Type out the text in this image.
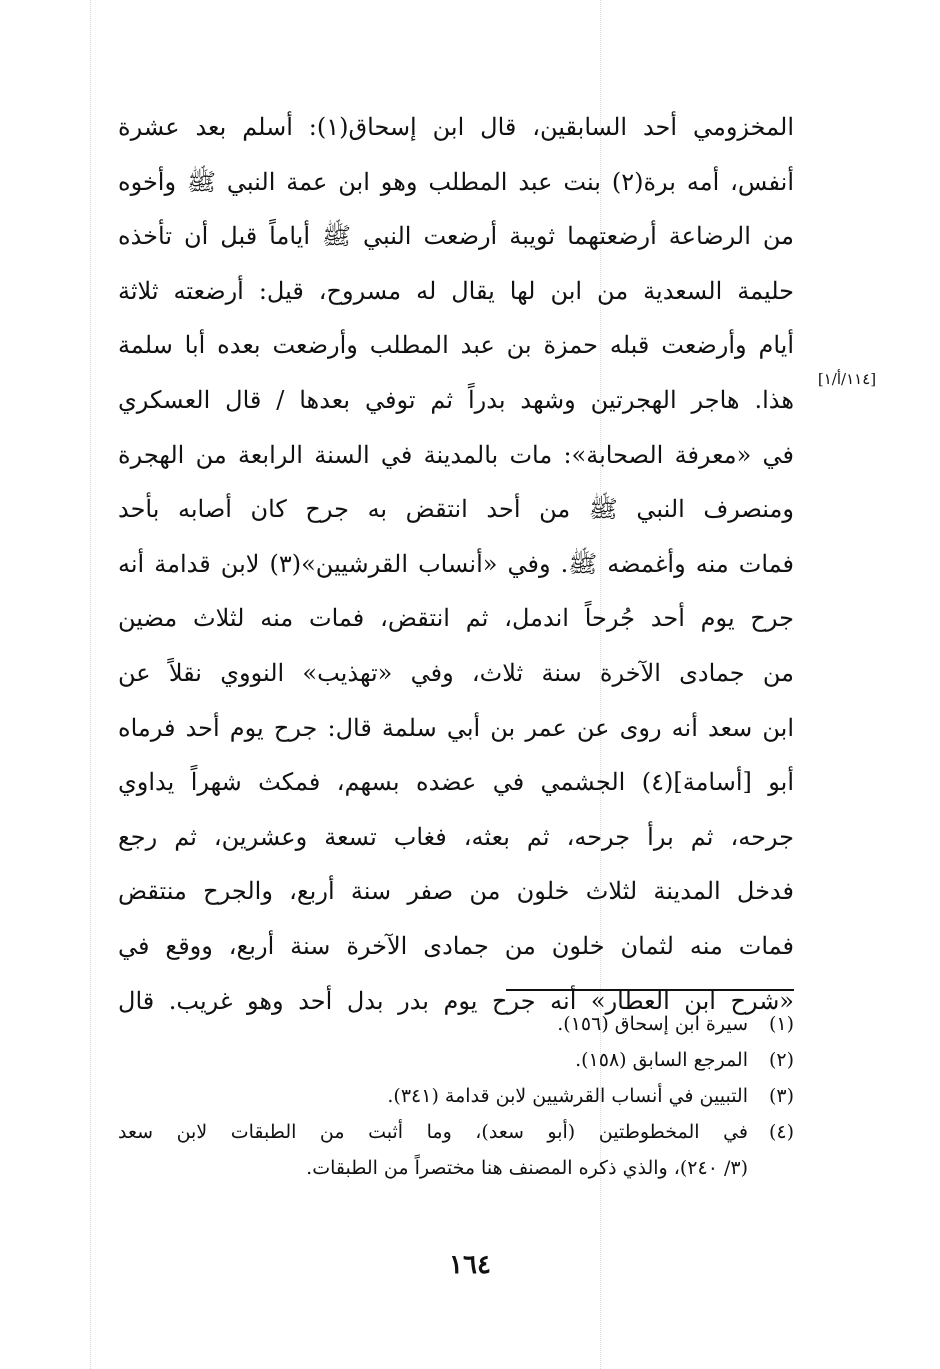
المخزومي أحد السابقين، قال ابن إسحاق(١): أسلم بعد عشرة
أنفس، أمه برة(٢) بنت عبد المطلب وهو ابن عمة النبي ﷺ وأخوه
من الرضاعة أرضعتهما ثويبة أرضعت النبي ﷺ أياماً قبل أن تأخذه
حليمة السعدية من ابن لها يقال له مسروح، قيل: أرضعته ثلاثة
أيام وأرضعت قبله حمزة بن عبد المطلب وأرضعت بعده أبا سلمة
هذا. هاجر الهجرتين وشهد بدراً ثم توفي بعدها / قال العسكري
في «معرفة الصحابة»: مات بالمدينة في السنة الرابعة من الهجرة
ومنصرف النبي ﷺ من أحد انتقض به جرح كان أصابه بأحد
فمات منه وأغمضه ﷺ. وفي «أنساب القرشيين»(٣) لابن قدامة أنه
جرح يوم أحد جُرحاً اندمل، ثم انتقض، فمات منه لثلاث مضين
من جمادى الآخرة سنة ثلاث، وفي «تهذيب» النووي نقلاً عن
ابن سعد أنه روى عن عمر بن أبي سلمة قال: جرح يوم أحد فرماه
أبو [أسامة](٤) الجشمي في عضده بسهم، فمكث شهراً يداوي
جرحه، ثم برأ جرحه، ثم بعثه، فغاب تسعة وعشرين، ثم رجع
فدخل المدينة لثلاث خلون من صفر سنة أربع، والجرح منتقض
فمات منه لثمان خلون من جمادى الآخرة سنة أربع، ووقع في
«شرح ابن العطار» أنه جرح يوم بدر بدل أحد وهو غريب. قال
[١١٤/أ/١]
(١)
سيرة ابن إسحاق (١٥٦).
(٢)
المرجع السابق (١٥٨).
(٣)
التبيين في أنساب القرشيين لابن قدامة (٣٤١).
(٤)
في المخطوطتين (أبو سعد)، وما أثبت من الطبقات لابن سعد
(٣/ ٢٤٠)، والذي ذكره المصنف هنا مختصراً من الطبقات.
١٦٤
